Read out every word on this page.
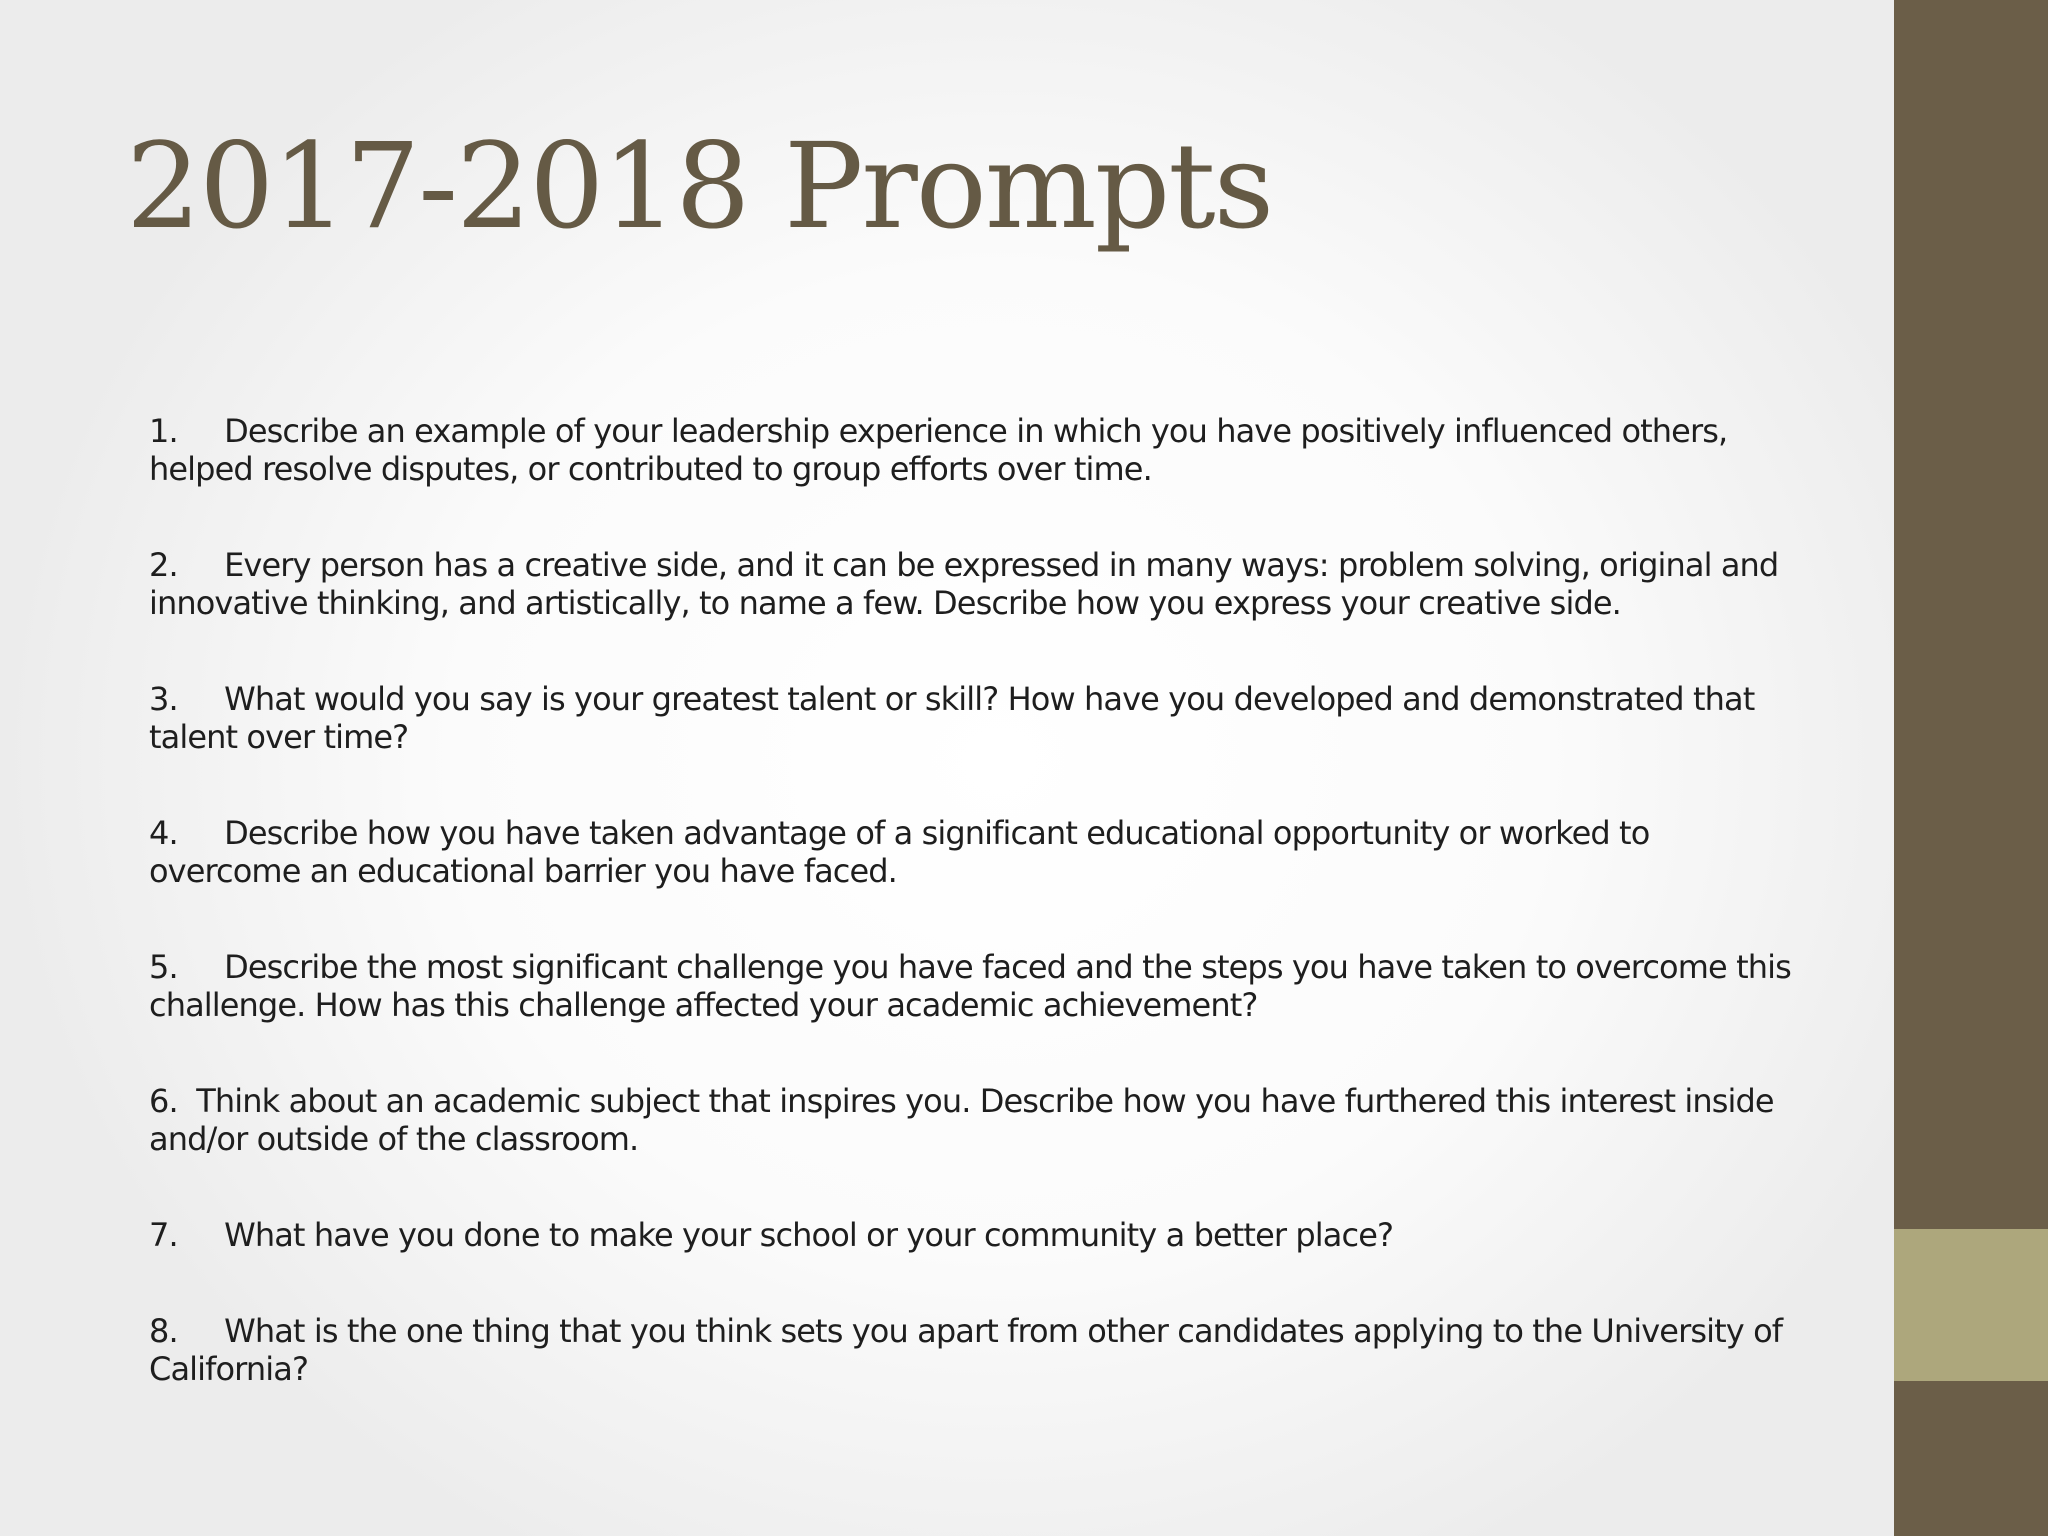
2017-2018 Prompts
1.     Describe an example of your leadership experience in which you have positively influenced others, helped resolve disputes, or contributed to group efforts over time.
2.     Every person has a creative side, and it can be expressed in many ways: problem solving, original and innovative thinking, and artistically, to name a few. Describe how you express your creative side.
3.     What would you say is your greatest talent or skill? How have you developed and demonstrated that talent over time?
4.     Describe how you have taken advantage of a significant educational opportunity or worked to overcome an educational barrier you have faced.
5.     Describe the most significant challenge you have faced and the steps you have taken to overcome this challenge. How has this challenge affected your academic achievement?
6.  Think about an academic subject that inspires you. Describe how you have furthered this interest inside and/or outside of the classroom.
7.     What have you done to make your school or your community a better place?
8.     What is the one thing that you think sets you apart from other candidates applying to the University of California?
